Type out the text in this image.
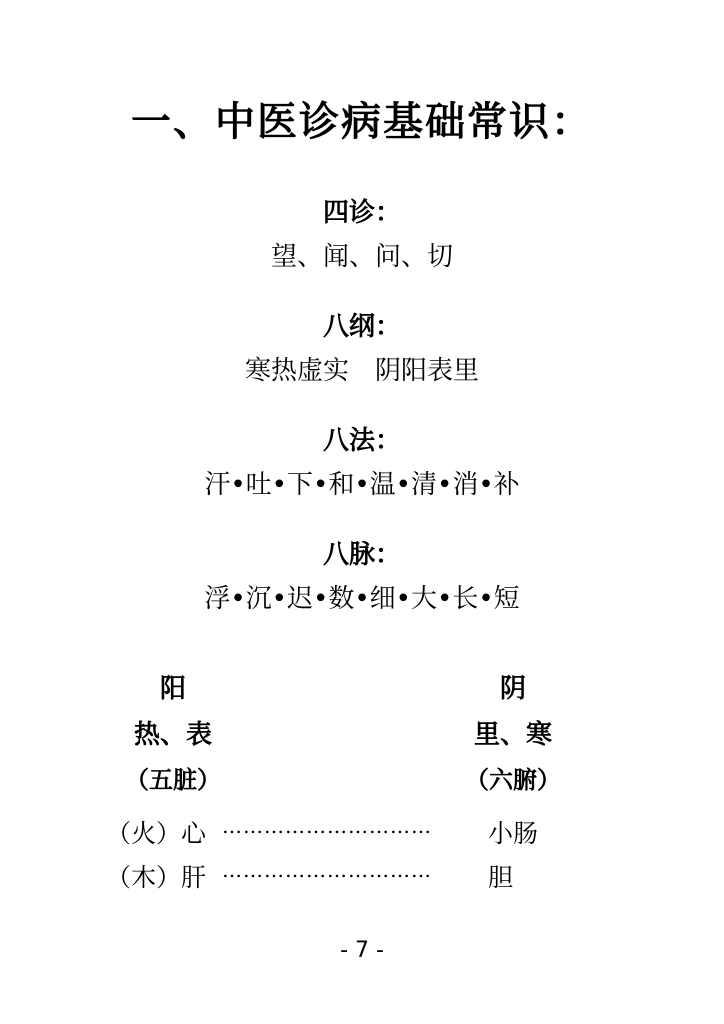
一、中医诊病基础常识：
四诊：
望、闻、问、切
八纲：
寒热虚实　阴阳表里
八法：
汗•吐•下•和•温•清•消•补
八脉：
浮•沉•迟•数•细•大•长•短
阳
热、表
（五脏）
阴
里、寒
（六腑）
（火）心 ………………………… 小肠
（木）肝 ………………………… 胆
- 7 -
